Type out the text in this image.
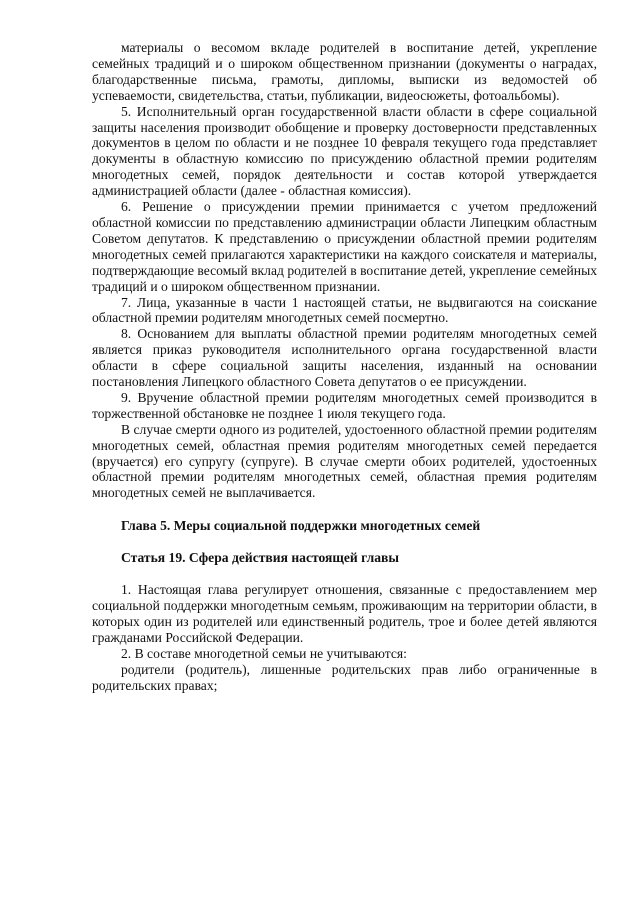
материалы о весомом вкладе родителей в воспитание детей, укрепление семейных традиций и о широком общественном признании (документы о наградах, благодарственные письма, грамоты, дипломы, выписки из ведомостей об успеваемости, свидетельства, статьи, публикации, видеосюжеты, фотоальбомы).

5. Исполнительный орган государственной власти области в сфере социальной защиты населения производит обобщение и проверку достоверности представленных документов в целом по области и не позднее 10 февраля текущего года представляет документы в областную комиссию по присуждению областной премии родителям многодетных семей, порядок деятельности и состав которой утверждается администрацией области (далее - областная комиссия).

6. Решение о присуждении премии принимается с учетом предложений областной комиссии по представлению администрации области Липецким областным Советом депутатов. К представлению о присуждении областной премии родителям многодетных семей прилагаются характеристики на каждого соискателя и материалы, подтверждающие весомый вклад родителей в воспитание детей, укрепление семейных традиций и о широком общественном признании.

7. Лица, указанные в части 1 настоящей статьи, не выдвигаются на соискание областной премии родителям многодетных семей посмертно.

8. Основанием для выплаты областной премии родителям многодетных семей является приказ руководителя исполнительного органа государственной власти области в сфере социальной защиты населения, изданный на основании постановления Липецкого областного Совета депутатов о ее присуждении.

9. Вручение областной премии родителям многодетных семей производится в торжественной обстановке не позднее 1 июля текущего года.

В случае смерти одного из родителей, удостоенного областной премии родителям многодетных семей, областная премия родителям многодетных семей передается (вручается) его супругу (супруге). В случае смерти обоих родителей, удостоенных областной премии родителям многодетных семей, областная премия родителям многодетных семей не выплачивается.

Глава 5. Меры социальной поддержки многодетных семей

Статья 19. Сфера действия настоящей главы

1. Настоящая глава регулирует отношения, связанные с предоставлением мер социальной поддержки многодетным семьям, проживающим на территории области, в которых один из родителей или единственный родитель, трое и более детей являются гражданами Российской Федерации.

2. В составе многодетной семьи не учитываются:

родители (родитель), лишенные родительских прав либо ограниченные в родительских правах;
